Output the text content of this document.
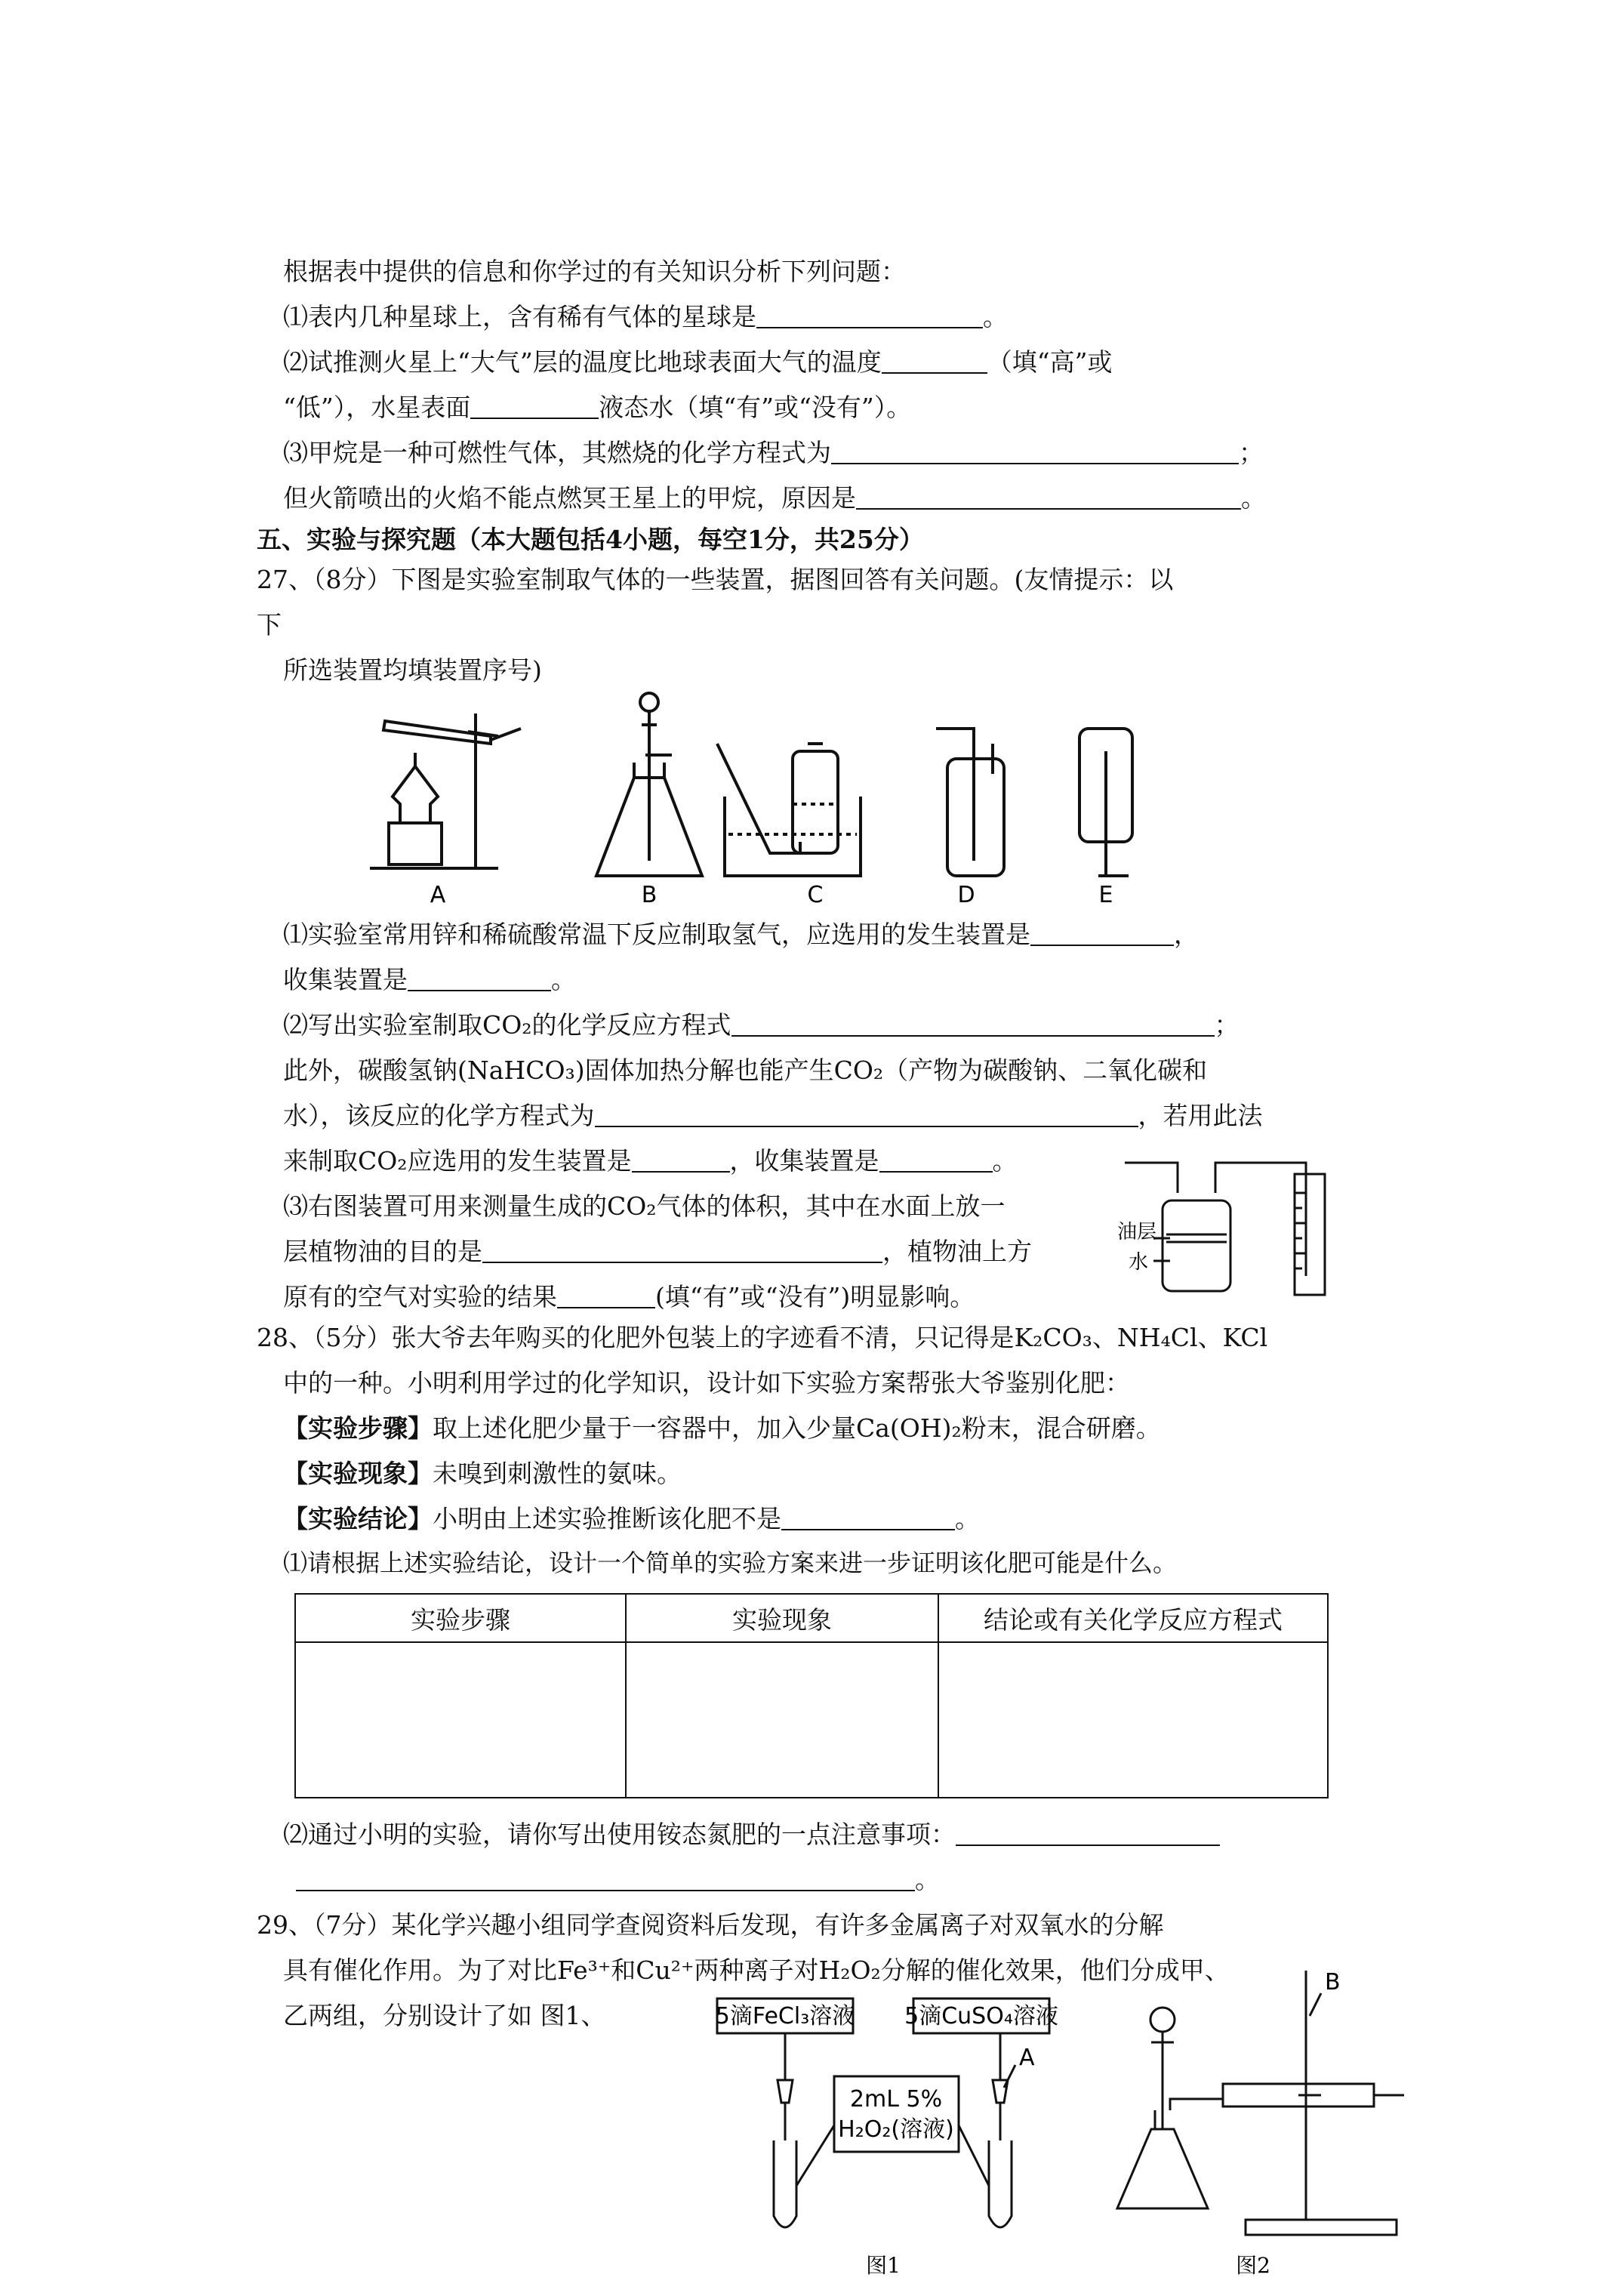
根据表中提供的信息和你学过的有关知识分析下列问题：
⑴表内几种星球上，含有稀有气体的星球是	。
⑵试推测火星上“大气”层的温度比地球表面大气的温度	（填“高”或
“低”），水星表面	液态水（填“有”或“没有”）。
⑶甲烷是一种可燃性气体，其燃烧的化学方程式为	；
但火箭喷出的火焰不能点燃冥王星上的甲烷，原因是	。
五、实验与探究题（本大题包括4小题，每空1分，共25分）
27、（8分）下图是实验室制取气体的一些装置，据图回答有关问题。(友情提示：以
下
所选装置均填装置序号)
A	B	C	D	E
⑴实验室常用锌和稀硫酸常温下反应制取氢气，应选用的发生装置是	，
收集装置是	。
⑵写出实验室制取CO₂的化学反应方程式	；
此外，碳酸氢钠(NaHCO₃)固体加热分解也能产生CO₂（产物为碳酸钠、二氧化碳和
水），该反应的化学方程式为	，若用此法
来制取CO₂应选用的发生装置是	，收集装置是	。
⑶右图装置可用来测量生成的CO₂气体的体积，其中在水面上放一
层植物油的目的是	，植物油上方
原有的空气对实验的结果	(填“有”或“没有”)明显影响。
油层
水
28、（5分）张大爷去年购买的化肥外包装上的字迹看不清，只记得是K₂CO₃、NH₄Cl、KCl
中的一种。小明利用学过的化学知识，设计如下实验方案帮张大爷鉴别化肥：
【实验步骤】取上述化肥少量于一容器中，加入少量Ca(OH)₂粉末，混合研磨。
【实验现象】未嗅到刺激性的氨味。
【实验结论】小明由上述实验推断该化肥不是	。
⑴请根据上述实验结论，设计一个简单的实验方案来进一步证明该化肥可能是什么。
实验步骤	实验现象	结论或有关化学反应方程式

⑵通过小明的实验，请你写出使用铵态氮肥的一点注意事项：
。
29、（7分）某化学兴趣小组同学查阅资料后发现，有许多金属离子对双氧水的分解
具有催化作用。为了对比Fe³⁺和Cu²⁺两种离子对H₂O₂分解的催化效果，他们分成甲、
乙两组，分别设计了如 图1、	5滴FeCl₃溶液 5滴CuSO₄溶液
2mL 5%
H₂O₂(溶液)
A
图1
B
图2
